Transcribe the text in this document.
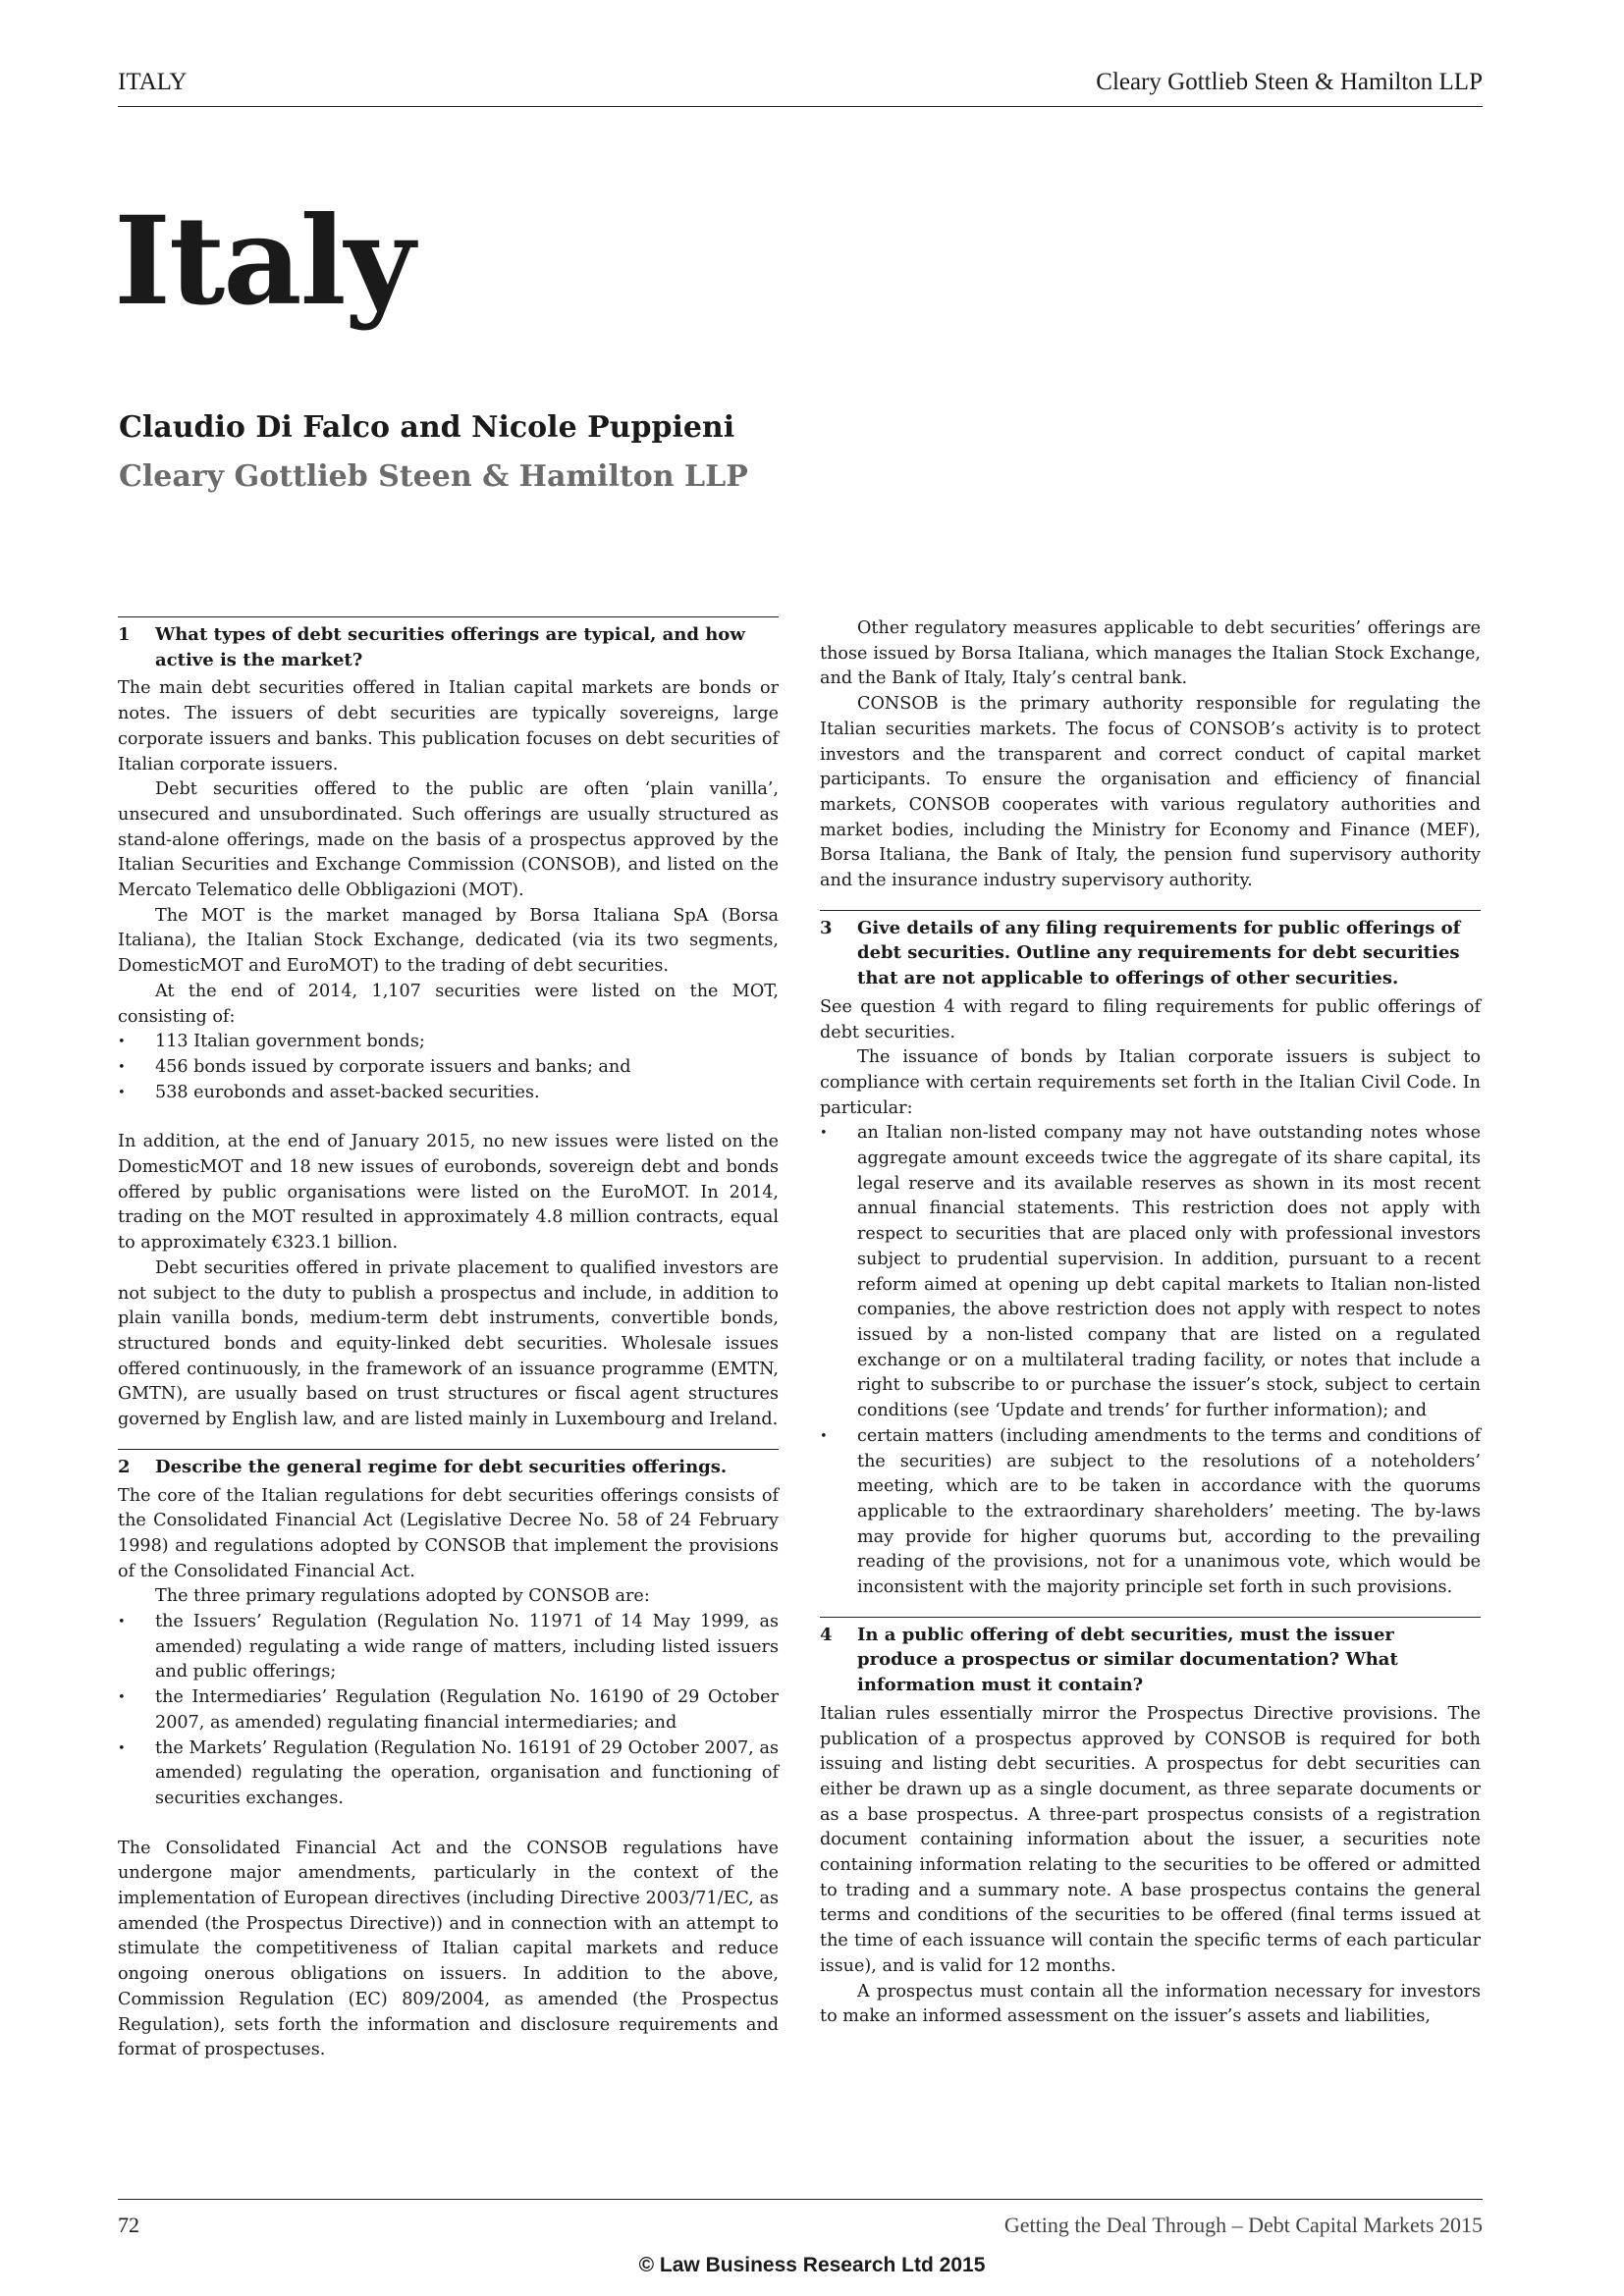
ITALY	Cleary Gottlieb Steen & Hamilton LLP
Italy
Claudio Di Falco and Nicole Puppieni
Cleary Gottlieb Steen & Hamilton LLP
1	What types of debt securities offerings are typical, and how active is the market?

The main debt securities offered in Italian capital markets are bonds or notes. The issuers of debt securities are typically sovereigns, large corporate issuers and banks. This publication focuses on debt securities of Italian corporate issuers.

Debt securities offered to the public are often ‘plain vanilla’, unsecured and unsubordinated. Such offerings are usually structured as stand-alone offerings, made on the basis of a prospectus approved by the Italian Securities and Exchange Commission (CONSOB), and listed on the Mercato Telematico delle Obbligazioni (MOT).

The MOT is the market managed by Borsa Italiana SpA (Borsa Italiana), the Italian Stock Exchange, dedicated (via its two segments, DomesticMOT and EuroMOT) to the trading of debt securities.

At the end of 2014, 1,107 securities were listed on the MOT, consisting of:

• 113 Italian government bonds;
• 456 bonds issued by corporate issuers and banks; and
• 538 eurobonds and asset-backed securities.

In addition, at the end of January 2015, no new issues were listed on the DomesticMOT and 18 new issues of eurobonds, sovereign debt and bonds offered by public organisations were listed on the EuroMOT. In 2014, trading on the MOT resulted in approximately 4.8 million contracts, equal to approximately €323.1 billion.

Debt securities offered in private placement to qualified investors are not subject to the duty to publish a prospectus and include, in addition to plain vanilla bonds, medium-term debt instruments, convertible bonds, structured bonds and equity-linked debt securities. Wholesale issues offered continuously, in the framework of an issuance programme (EMTN, GMTN), are usually based on trust structures or fiscal agent structures governed by English law, and are listed mainly in Luxembourg and Ireland.

2	Describe the general regime for debt securities offerings.

The core of the Italian regulations for debt securities offerings consists of the Consolidated Financial Act (Legislative Decree No. 58 of 24 February 1998) and regulations adopted by CONSOB that implement the provisions of the Consolidated Financial Act.

The three primary regulations adopted by CONSOB are:

• the Issuers’ Regulation (Regulation No. 11971 of 14 May 1999, as amended) regulating a wide range of matters, including listed issuers and public offerings;
• the Intermediaries’ Regulation (Regulation No. 16190 of 29 October 2007, as amended) regulating financial intermediaries; and
• the Markets’ Regulation (Regulation No. 16191 of 29 October 2007, as amended) regulating the operation, organisation and functioning of securities exchanges.

The Consolidated Financial Act and the CONSOB regulations have undergone major amendments, particularly in the context of the implementation of European directives (including Directive 2003/71/EC, as amended (the Prospectus Directive)) and in connection with an attempt to stimulate the competitiveness of Italian capital markets and reduce ongoing onerous obligations on issuers. In addition to the above, Commission Regulation (EC) 809/2004, as amended (the Prospectus Regulation), sets forth the information and disclosure requirements and format of prospectuses.

Other regulatory measures applicable to debt securities’ offerings are those issued by Borsa Italiana, which manages the Italian Stock Exchange, and the Bank of Italy, Italy’s central bank.

CONSOB is the primary authority responsible for regulating the Italian securities markets. The focus of CONSOB’s activity is to protect investors and the transparent and correct conduct of capital market participants. To ensure the organisation and efficiency of financial markets, CONSOB cooperates with various regulatory authorities and market bodies, including the Ministry for Economy and Finance (MEF), Borsa Italiana, the Bank of Italy, the pension fund supervisory authority and the insurance industry supervisory authority.

3	Give details of any filing requirements for public offerings of debt securities. Outline any requirements for debt securities that are not applicable to offerings of other securities.

See question 4 with regard to filing requirements for public offerings of debt securities.

The issuance of bonds by Italian corporate issuers is subject to compliance with certain requirements set forth in the Italian Civil Code. In particular:

• an Italian non-listed company may not have outstanding notes whose aggregate amount exceeds twice the aggregate of its share capital, its legal reserve and its available reserves as shown in its most recent annual financial statements. This restriction does not apply with respect to securities that are placed only with professional investors subject to prudential supervision. In addition, pursuant to a recent reform aimed at opening up debt capital markets to Italian non-listed companies, the above restriction does not apply with respect to notes issued by a non-listed company that are listed on a regulated exchange or on a multilateral trading facility, or notes that include a right to subscribe to or purchase the issuer’s stock, subject to certain conditions (see ‘Update and trends’ for further information); and
• certain matters (including amendments to the terms and conditions of the securities) are subject to the resolutions of a noteholders’ meeting, which are to be taken in accordance with the quorums applicable to the extraordinary shareholders’ meeting. The by-laws may provide for higher quorums but, according to the prevailing reading of the provisions, not for a unanimous vote, which would be inconsistent with the majority principle set forth in such provisions.
4	In a public offering of debt securities, must the issuer produce a prospectus or similar documentation? What information must it contain?

Italian rules essentially mirror the Prospectus Directive provisions. The publication of a prospectus approved by CONSOB is required for both issuing and listing debt securities. A prospectus for debt securities can either be drawn up as a single document, as three separate documents or as a base prospectus. A three-part prospectus consists of a registration document containing information about the issuer, a securities note containing information relating to the securities to be offered or admitted to trading and a summary note. A base prospectus contains the general terms and conditions of the securities to be offered (final terms issued at the time of each issuance will contain the specific terms of each particular issue), and is valid for 12 months.

A prospectus must contain all the information necessary for investors to make an informed assessment on the issuer’s assets and liabilities,

72	Getting the Deal Through – Debt Capital Markets 2015
© Law Business Research Ltd 2015
